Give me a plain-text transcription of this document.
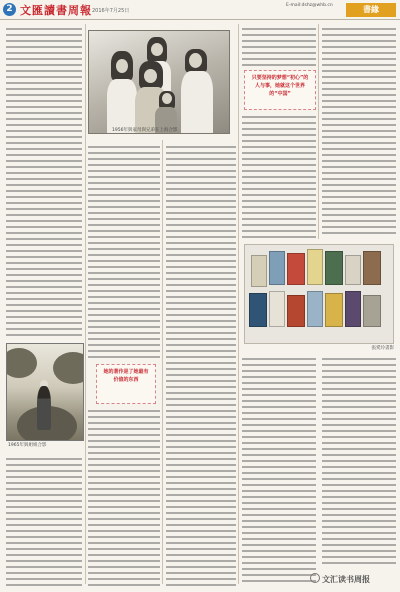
2 文匯讀書周報 2016年7月25日
E-mail:dshz@whb.cn	書緣
1956年與家母與兄弟在上海合影
只要坚持的梦想“初心”的人与事，她就这个世界的“中国”
她的著作是了她最有价值的东西
1965年與姐姐合影
張愛玲書影
文汇读书周报
